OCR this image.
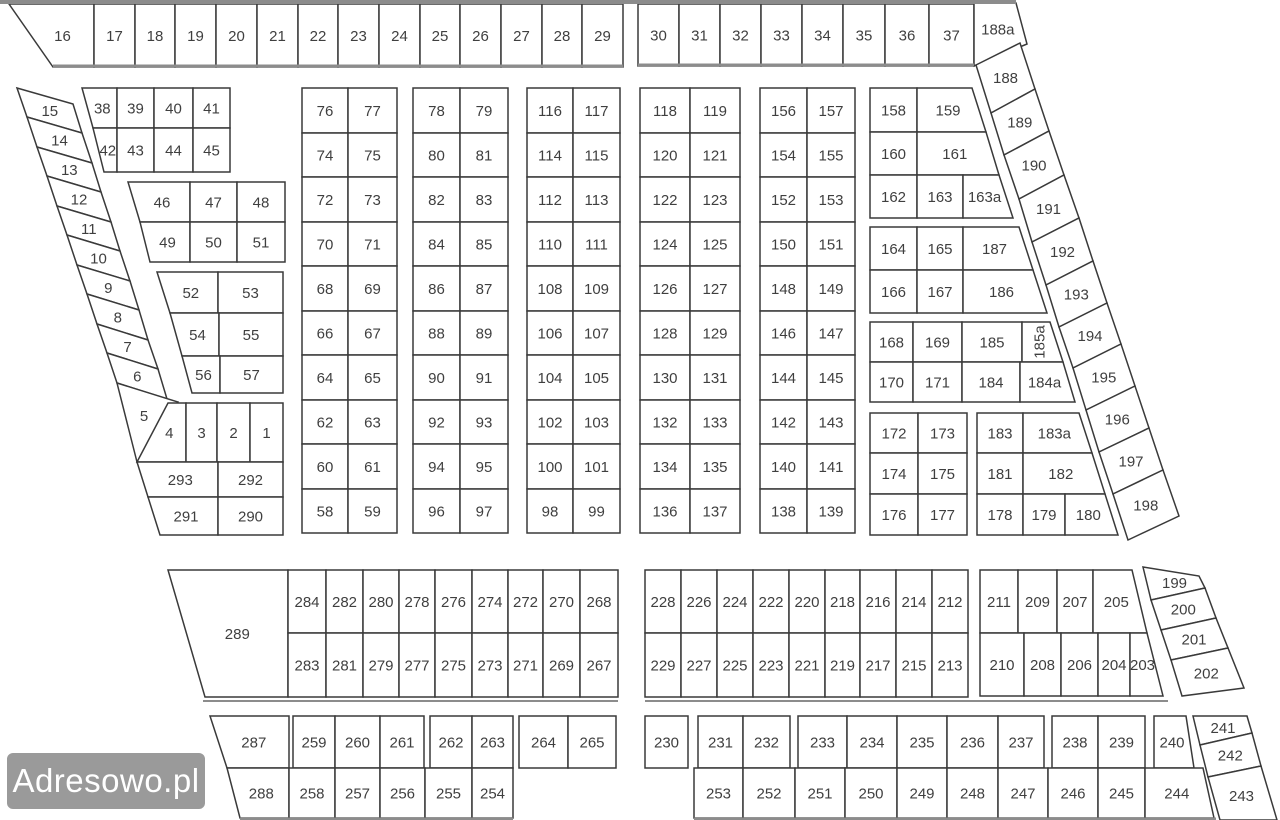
16 17 18 19 20 21 22 23 24 25 26 27 28 29	30 31 32 33 34 35 36 37 188a
188
189
190
191
192
193
194
195
196
197
198
15
14
13
12
11
10
9
8
7
6
5
38 39 40 41
42 43 44 45
46 47 48
49 50 51
52	53
54 55
56 57
4 3 2 1
293	292
291	290
76 77
74 75
72 73
70 71
68 69
66 67
64 65
62 63
60 61
58 59
78 79
80 81
82 83
84 85
86 87
88 89
90 91
92 93
94 95
96 97
116 117
114 115
112 113
110 111
108 109
106 107
104 105
102 103
100 101
98 99
118 119
120 121
122 123
124 125
126 127
128 129
130 131
132 133
134 135
136 137
156 157
154 155
152 153
150 151
148 149
146 147
144 145
142 143
140 141
138 139
158 159
160 161
162 163 163a
164 165 187
166 167 186
168 169 185 185a
170 171 184 184a
172 173
174 175
176 177
183 183a
181 182
178 179 180
289
284 282 280 278 276 274 272 270 268
283 281 279 277 275 273 271 269 267
228 226 224 222 220 218 216 214 212
229 227 225 223 221 219 217 215 213
211 209 207 205
210 208 206 204 203
199
200
201
202
287 259 260 261 262 263 264 265
288 258 257 256 255 254
230 231 232 233 234 235 236 237 238 239 240
253 252 251 250 249 248 247 246 245 244
241
242
243
Adresowo.pl
